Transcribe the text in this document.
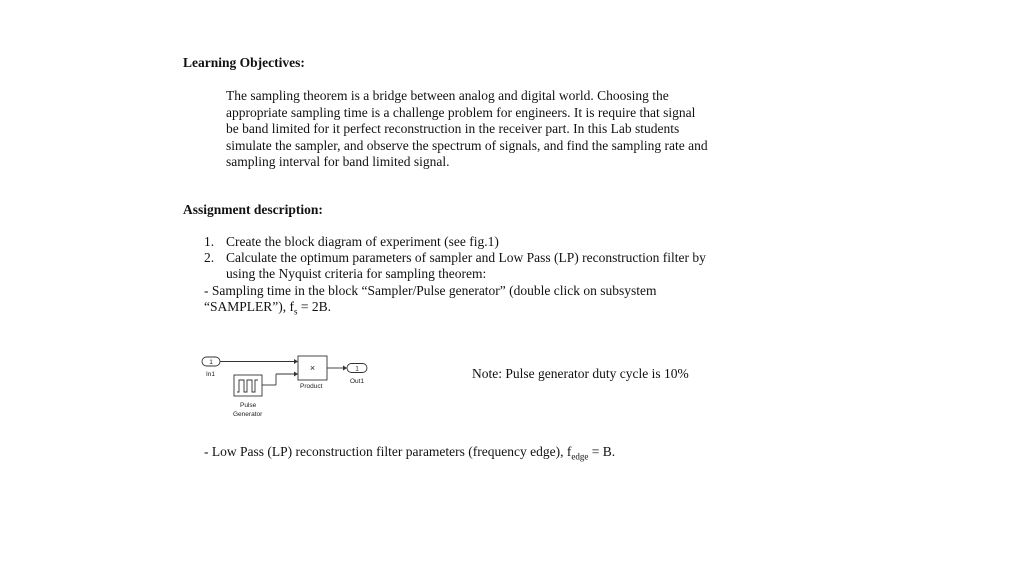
Learning Objectives:
The sampling theorem is a bridge between analog and digital world. Choosing the
appropriate sampling time is a challenge problem for engineers. It is require that signal
be band limited for it perfect reconstruction in the receiver part. In this Lab students
simulate the sampler, and observe the spectrum of signals, and find the sampling rate and
sampling interval for band limited signal.
Assignment description:
1. Create the block diagram of experiment (see fig.1)
2. Calculate the optimum parameters of sampler and Low Pass (LP) reconstruction filter by
using the Nyquist criteria for sampling theorem:
- Sampling time in the block “Sampler/Pulse generator” (double click on subsystem
“SAMPLER”), $f_s = 2B$.
1
In1
×
Product
1
Out1
Pulse
Generator
Note: Pulse generator duty cycle is 10%
- Low Pass (LP) reconstruction filter parameters (frequency edge), $f_{edge} = B$.
